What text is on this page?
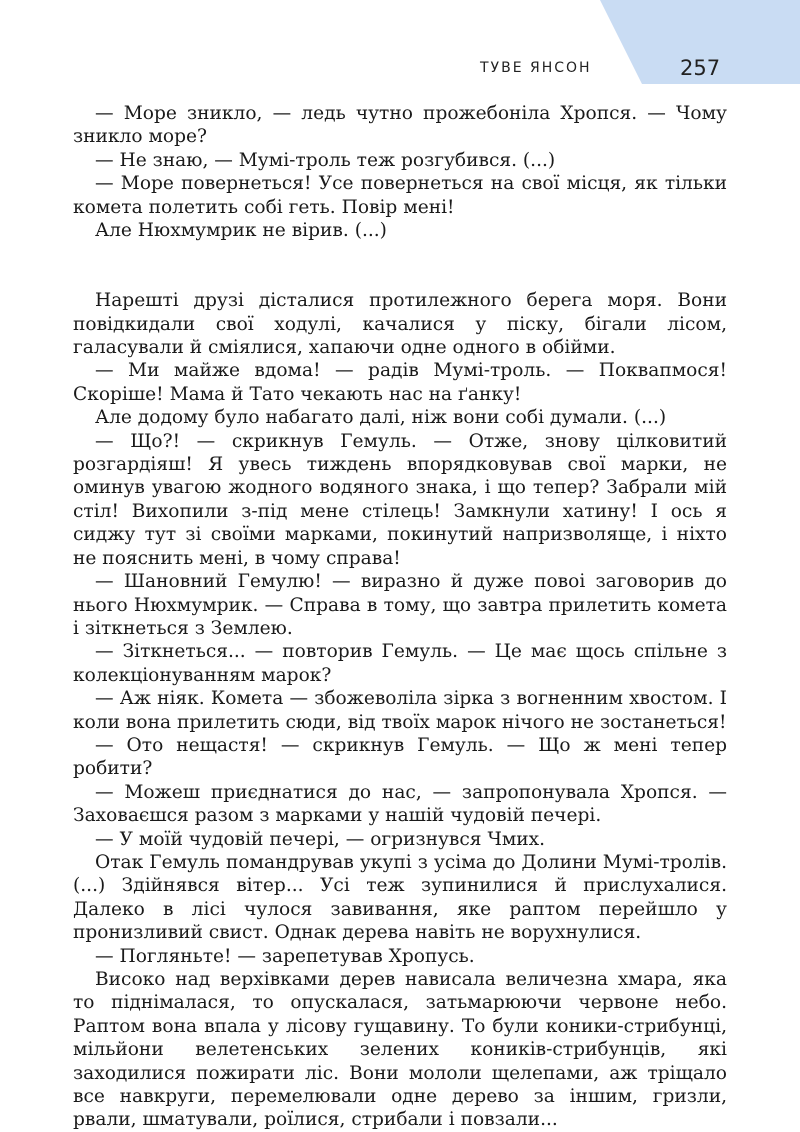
ТУВЕ ЯНСОН	257

— Море зникло, — ледь чутно прожебоніла Хропся. — Чому зникло море?

— Не знаю, — Мумі-троль теж розгубився. (...)

— Море повернеться! Усе повернеться на свої місця, як тільки комета полетить собі геть. Повір мені!

Але Нюхмумрик не вірив. (...)

Нарешті друзі дісталися протилежного берега моря. Вони повідкидали свої ходулі, качалися у піску, бігали лісом, галасували й сміялися, хапаючи одне одного в обійми.

— Ми майже вдома! — радів Мумі-троль. — Поквапмося! Скоріше! Мама й Тато чекають нас на ґанку!

Але додому було набагато далі, ніж вони собі думали. (...)

— Що?! — скрикнув Гемуль. — Отже, знову цілковитий розгардіяш! Я увесь тиждень впорядковував свої марки, не оминув увагою жодного водяного знака, і що тепер? Забрали мій стіл! Вихопили з-під мене стілець! Замкнули хатину! І ось я сиджу тут зі своїми марками, покинутий напризволяще, і ніхто не пояснить мені, в чому справа!

— Шановний Гемулю! — виразно й дуже повоі заговорив до нього Нюхмумрик. — Справа в тому, що завтра прилетить комета і зіткнеться з Землею.

— Зіткнеться... — повторив Гемуль. — Це має щось спільне з колекціонуванням марок?

— Аж ніяк. Комета — збожеволіла зірка з вогненним хвостом. І коли вона прилетить сюди, від твоїх марок нічого не зостанеться!

— Ото нещастя! — скрикнув Гемуль. — Що ж мені тепер робити?

— Можеш приєднатися до нас, — запропонувала Хропся. — Заховаєшся разом з марками у нашій чудовій печері.

— У моїй чудовій печері, — огризнувся Чмих.

Отак Гемуль помандрував укупі з усіма до Долини Мумі-тролів. (...) Здійнявся вітер... Усі теж зупинилися й прислухалися. Далеко в лісі чулося завивання, яке раптом перейшло у пронизливий свист. Однак дерева навіть не ворухнулися.

— Погляньте! — зарепетував Хропусь.

Високо над верхівками дерев нависала величезна хмара, яка то піднімалася, то опускалася, затьмарюючи червоне небо. Раптом вона впала у лісову гущавину. То були коники-стрибунці, мільйони велетенських зелених коників-стрибунців, які заходилися пожирати ліс. Вони мололи щелепами, аж тріщало все навкруги, перемелювали одне дерево за іншим, гризли, рвали, шматували, роїлися, стрибали і повзали...
